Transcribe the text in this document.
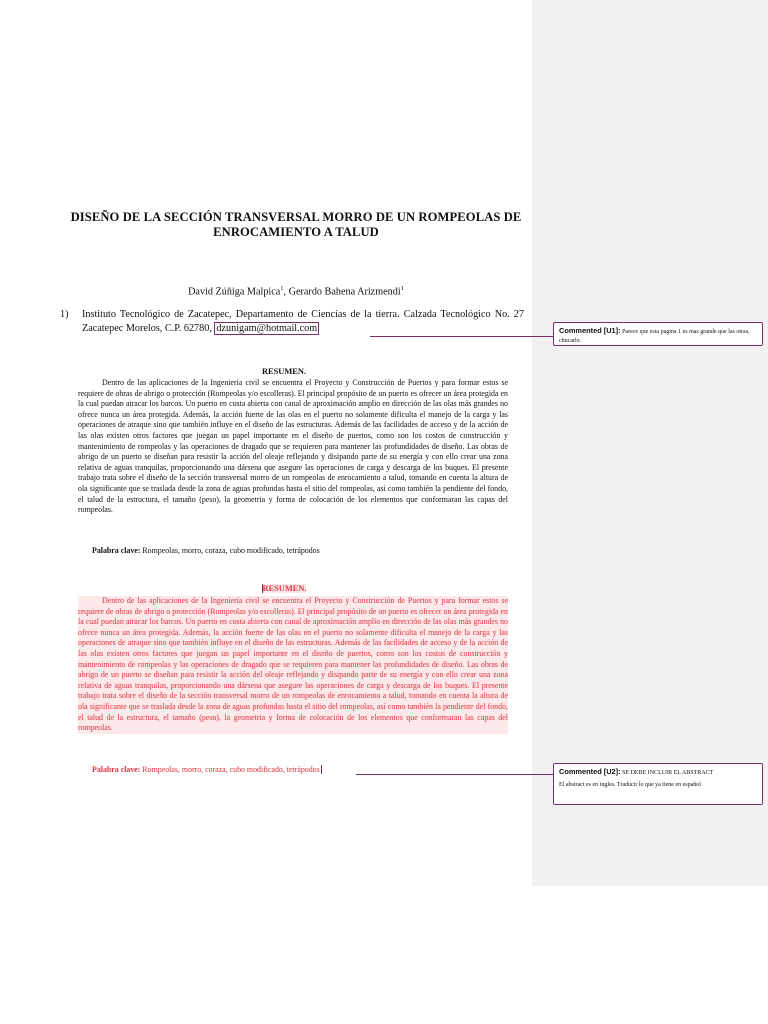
DISEÑO DE LA SECCIÓN TRANSVERSAL MORRO DE UN ROMPEOLAS DE
ENROCAMIENTO A TALUD
David Zúñiga Malpica$^1$, Gerardo Bahena Arizmendi$^1$
1)	Instituto Tecnológico de Zacatepec, Departamento de Ciencias de la tierra. Calzada Tecnológico No. 27 Zacatepec Morelos, C.P. 62780, dzunigam@hotmail.com
RESUMEN.
Dentro de las aplicaciones de la Ingeniería civil se encuentra el Proyecto y Construcción de Puertos y para formar estos se requiere de obras de abrigo o protección (Rompeolas y/o escolleras). El principal propósito de un puerto es ofrecer un área protegida en la cual puedan atracar los barcos. Un puerto en costa abierta con canal de aproximación amplio en dirección de las olas más grandes no ofrece nunca un área protegida. Además, la acción fuerte de las olas en el puerto no solamente dificulta el manejo de la carga y las operaciones de atraque sino que también influye en el diseño de las estructuras. Además de las facilidades de acceso y de la acción de las olas existen otros factores que juegan un papel importante en el diseño de puertos, como son los costos de construcción y mantenimiento de rompeolas y las operaciones de dragado que se requieren para mantener las profundidades de diseño. Las obras de abrigo de un puerto se diseñan para resistir la acción del oleaje reflejando y disipando parte de su energía y con ello crear una zona relativa de aguas tranquilas, proporcionando una dársena que asegure las operaciones de carga y descarga de los buques. El presente trabajo trata sobre el diseño de la sección transversal morro de un rompeolas de enrocamiento a talud, tomando en cuenta la altura de ola significante que se traslada desde la zona de aguas profundas hasta el sitio del rompeolas, así como también la pendiente del fondo, el talud de la estructura, el tamaño (peso), la geometria y forma de colocación de los elementos que conformaran las capas del rompeolas.
Palabra clave: Rompeolas, morro, coraza, cubo modificado, tetrápodos
RESUMEN.
Dentro de las aplicaciones de la Ingeniería civil se encuentra el Proyecto y Construcción de Puertos y para formar estos se requiere de obras de abrigo o protección (Rompeolas y/o escolleras). El principal propósito de un puerto es ofrecer un área protegida en la cual puedan atracar los barcos. Un puerto en costa abierta con canal de aproximación amplio en dirección de las olas más grandes no ofrece nunca un área protegida. Además, la acción fuerte de las olas en el puerto no solamente dificulta el manejo de la carga y las operaciones de atraque sino que también influye en el diseño de las estructuras. Además de las facilidades de acceso y de la acción de las olas existen otros factores que juegan un papel importante en el diseño de puertos, como son los costos de construcción y mantenimiento de rompeolas y las operaciones de dragado que se requieren para mantener las profundidades de diseño. Las obras de abrigo de un puerto se diseñan para resistir la acción del oleaje reflejando y disipando parte de su energía y con ello crear una zona relativa de aguas tranquilas, proporcionando una dársena que asegure las operaciones de carga y descarga de los buques. El presente trabajo trata sobre el diseño de la sección transversal morro de un rompeolas de enrocamiento a talud, tomando en cuenta la altura de ola significante que se traslada desde la zona de aguas profundas hasta el sitio del rompeolas, así como también la pendiente del fondo, el talud de la estructura, el tamaño (peso), la geometria y forma de colocación de los elementos que conformaran las capas del rompeolas.
Palabra clave: Rompeolas, morro, coraza, cubo modificado, tetrápodos
Commented [U1]: Parece que esta pagina 1 es mas grande que las otras, chucarlo.
Commented [U2]: SE DEBE INCLUIR EL ABSTRACT

El abstract es en ingles. Traducir lo que ya tiene en español
